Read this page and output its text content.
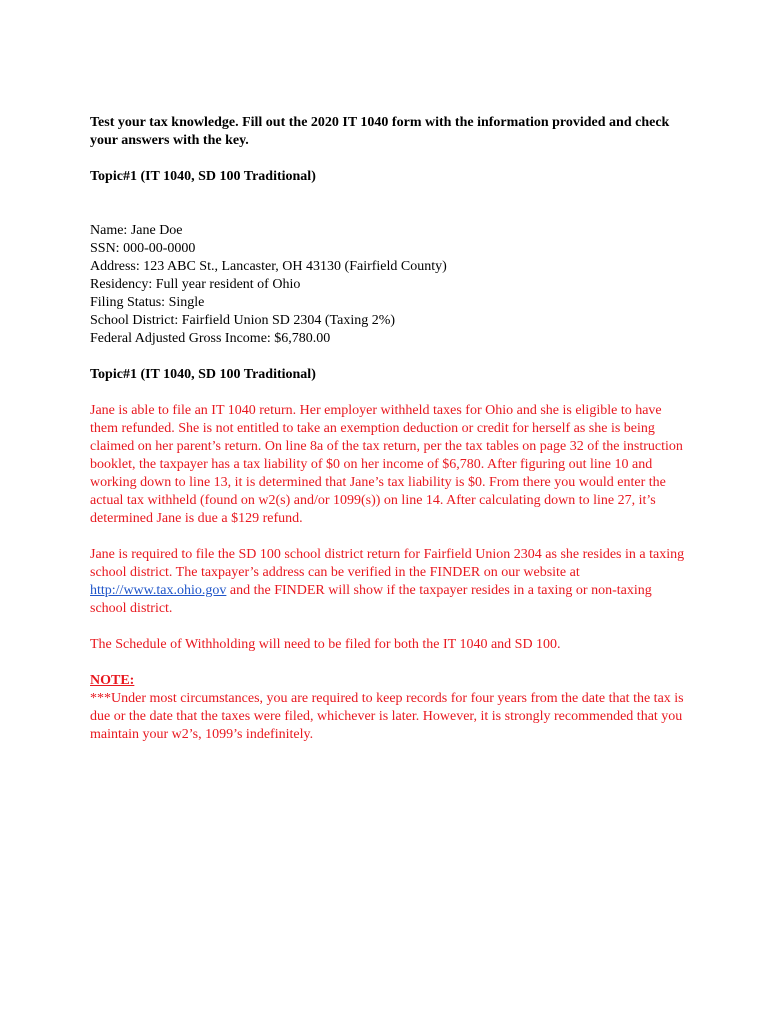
Test your tax knowledge. Fill out the 2020 IT 1040 form with the information provided and check your answers with the key.

Topic#1 (IT 1040, SD 100 Traditional)

Name: Jane Doe
SSN: 000-00-0000
Address: 123 ABC St., Lancaster, OH 43130 (Fairfield County)
Residency: Full year resident of Ohio
Filing Status: Single
School District: Fairfield Union SD 2304 (Taxing 2%)
Federal Adjusted Gross Income: $6,780.00

Topic#1 (IT 1040, SD 100 Traditional)

Jane is able to file an IT 1040 return. Her employer withheld taxes for Ohio and she is eligible to have them refunded. She is not entitled to take an exemption deduction or credit for herself as she is being claimed on her parent’s return. On line 8a of the tax return, per the tax tables on page 32 of the instruction booklet, the taxpayer has a tax liability of $0 on her income of $6,780. After figuring out line 10 and working down to line 13, it is determined that Jane’s tax liability is $0. From there you would enter the actual tax withheld (found on w2(s) and/or 1099(s)) on line 14. After calculating down to line 27, it’s determined Jane is due a $129 refund.

Jane is required to file the SD 100 school district return for Fairfield Union 2304 as she resides in a taxing school district. The taxpayer’s address can be verified in the FINDER on our website at http://www.tax.ohio.gov and the FINDER will show if the taxpayer resides in a taxing or non-taxing school district.

The Schedule of Withholding will need to be filed for both the IT 1040 and SD 100.

NOTE:

***Under most circumstances, you are required to keep records for four years from the date that the tax is due or the date that the taxes were filed, whichever is later. However, it is strongly recommended that you maintain your w2’s, 1099’s indefinitely.
